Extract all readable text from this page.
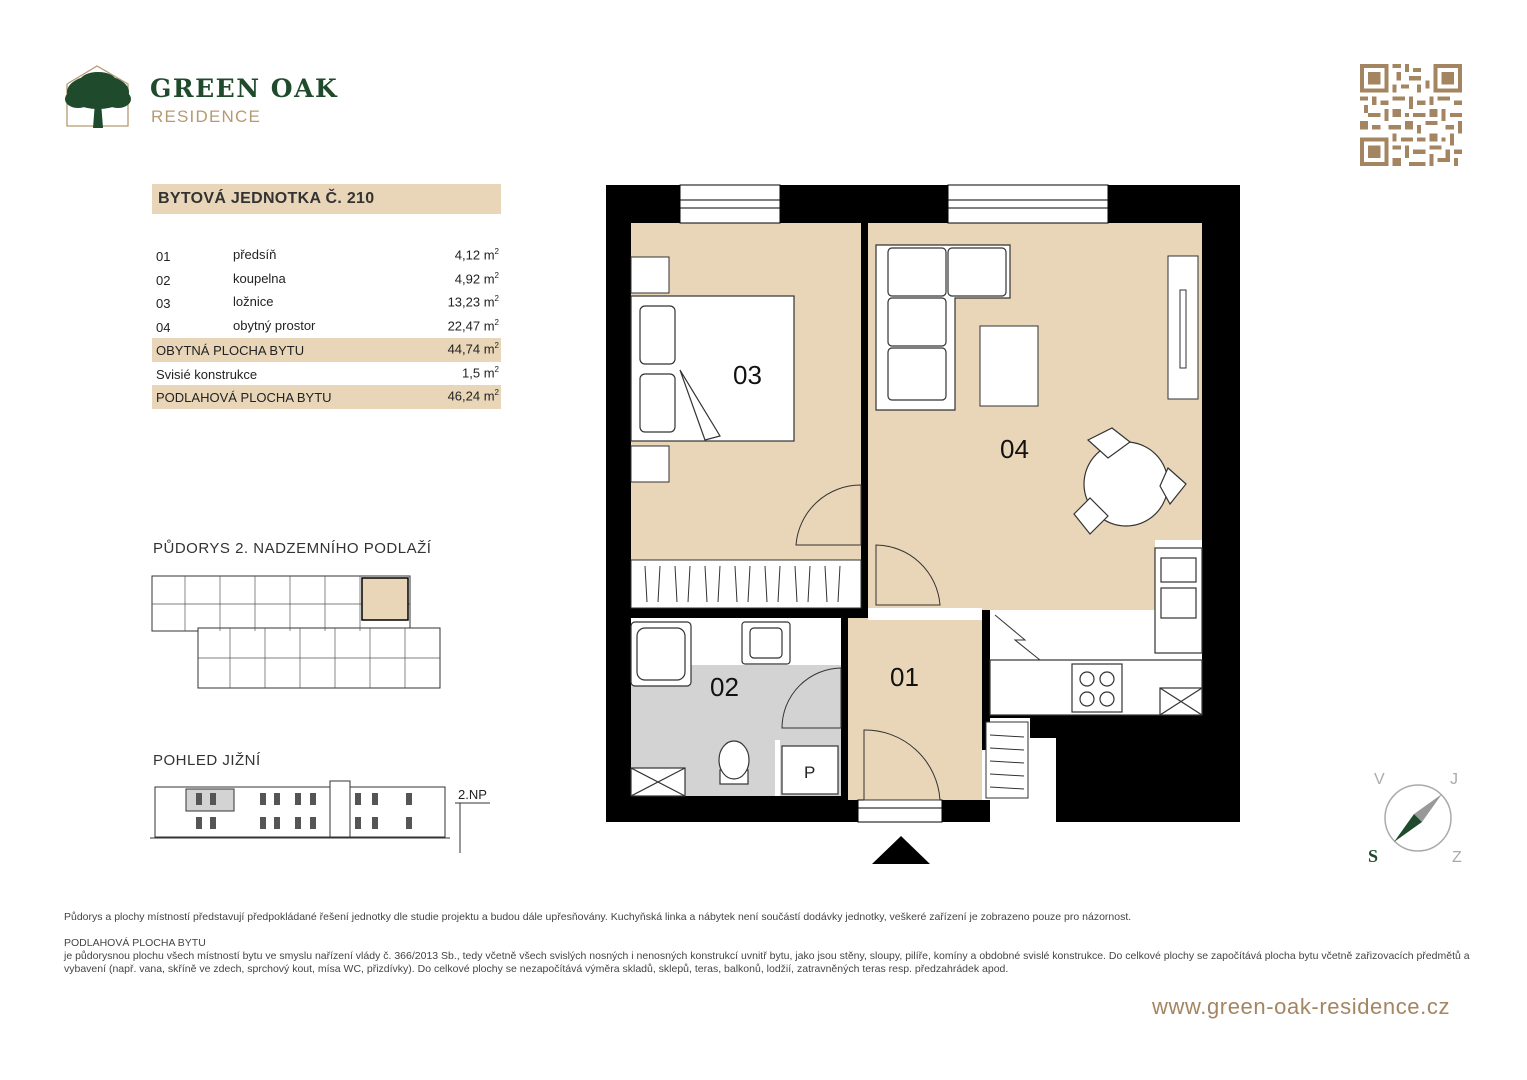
GREEN OAK
RESIDENCE
BYTOVÁ JEDNOTKA Č. 210
01	předsíň	4,12 $m^2$
02	koupelna	4,92 $m^2$
03	ložnice	13,23 $m^2$
04	obytný prostor	22,47 $m^2$
OBYTNÁ PLOCHA BYTU	44,74 $m^2$
Svisié konstrukce	1,5 $m^2$
PODLAHOVÁ PLOCHA BYTU	46,24 $m^2$
P
03
04
02	01
PŮDORYS 2. NADZEMNÍHO PODLAŽÍ
POHLED JIŽNÍ
2.NP
V	J
S	Z
Půdorys a plochy místností představují předpokládané řešení jednotky dle studie projektu a budou dále upřesňovány. Kuchyňská linka a nábytek není součástí dodávky jednotky, veškeré zařízení je zobrazeno pouze pro názornost.
PODLAHOVÁ PLOCHA BYTU
je půdorysnou plochu všech místností bytu ve smyslu nařízení vlády č. 366/2013 Sb., tedy včetně všech svislých nosných i nenosných konstrukcí uvnitř bytu, jako jsou stěny, sloupy, pilíře, komíny a obdobné svislé konstrukce. Do celkové plochy se započítává plocha bytu včetně zařizovacích předmětů a vybavení (např. vana, skříně ve zdech, sprchový kout, mísa WC, přizdívky). Do celkové plochy se nezapočítává výměra skladů, sklepů, teras, balkonů, lodžií, zatravněných teras resp. předzahrádek apod.
www.green-oak-residence.cz
